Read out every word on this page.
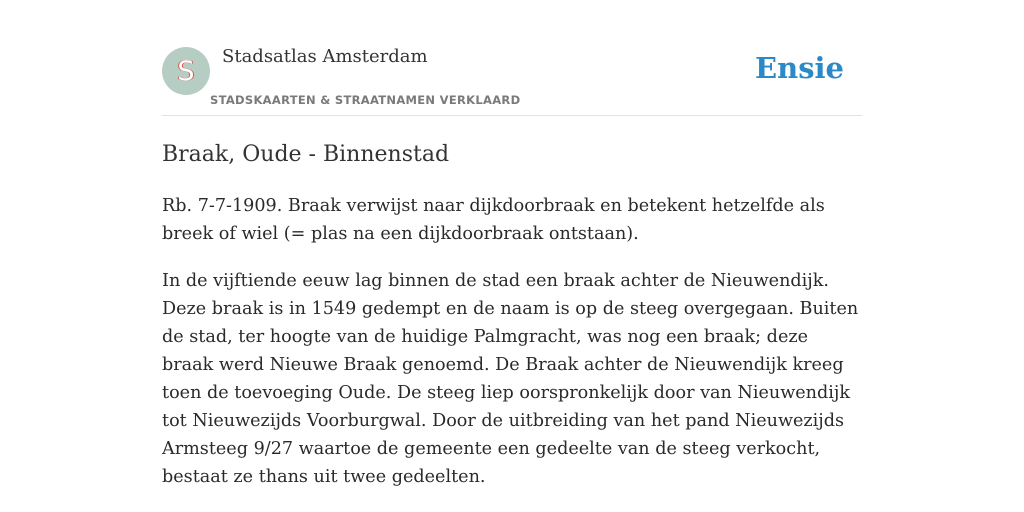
S Stadsatlas Amsterdam
STADSKAARTEN & STRAATNAMEN VERKLAARD
Ensie
Braak, Oude - Binnenstad

Rb. 7-7-1909. Braak verwijst naar dijkdoorbraak en betekent hetzelfde als breek of wiel (= plas na een dijkdoorbraak ontstaan).

In de vijftiende eeuw lag binnen de stad een braak achter de Nieuwendijk. Deze braak is in 1549 gedempt en de naam is op de steeg overgegaan. Buiten de stad, ter hoogte van de huidige Palmgracht, was nog een braak; deze braak werd Nieuwe Braak genoemd. De Braak achter de Nieuwendijk kreeg toen de toevoeging Oude. De steeg liep oorspronkelijk door van Nieuwendijk tot Nieuwezijds Voorburgwal. Door de uitbreiding van het pand Nieuwezijds Armsteeg 9/27 waartoe de gemeente een gedeelte van de steeg verkocht, bestaat ze thans uit twee gedeelten.
